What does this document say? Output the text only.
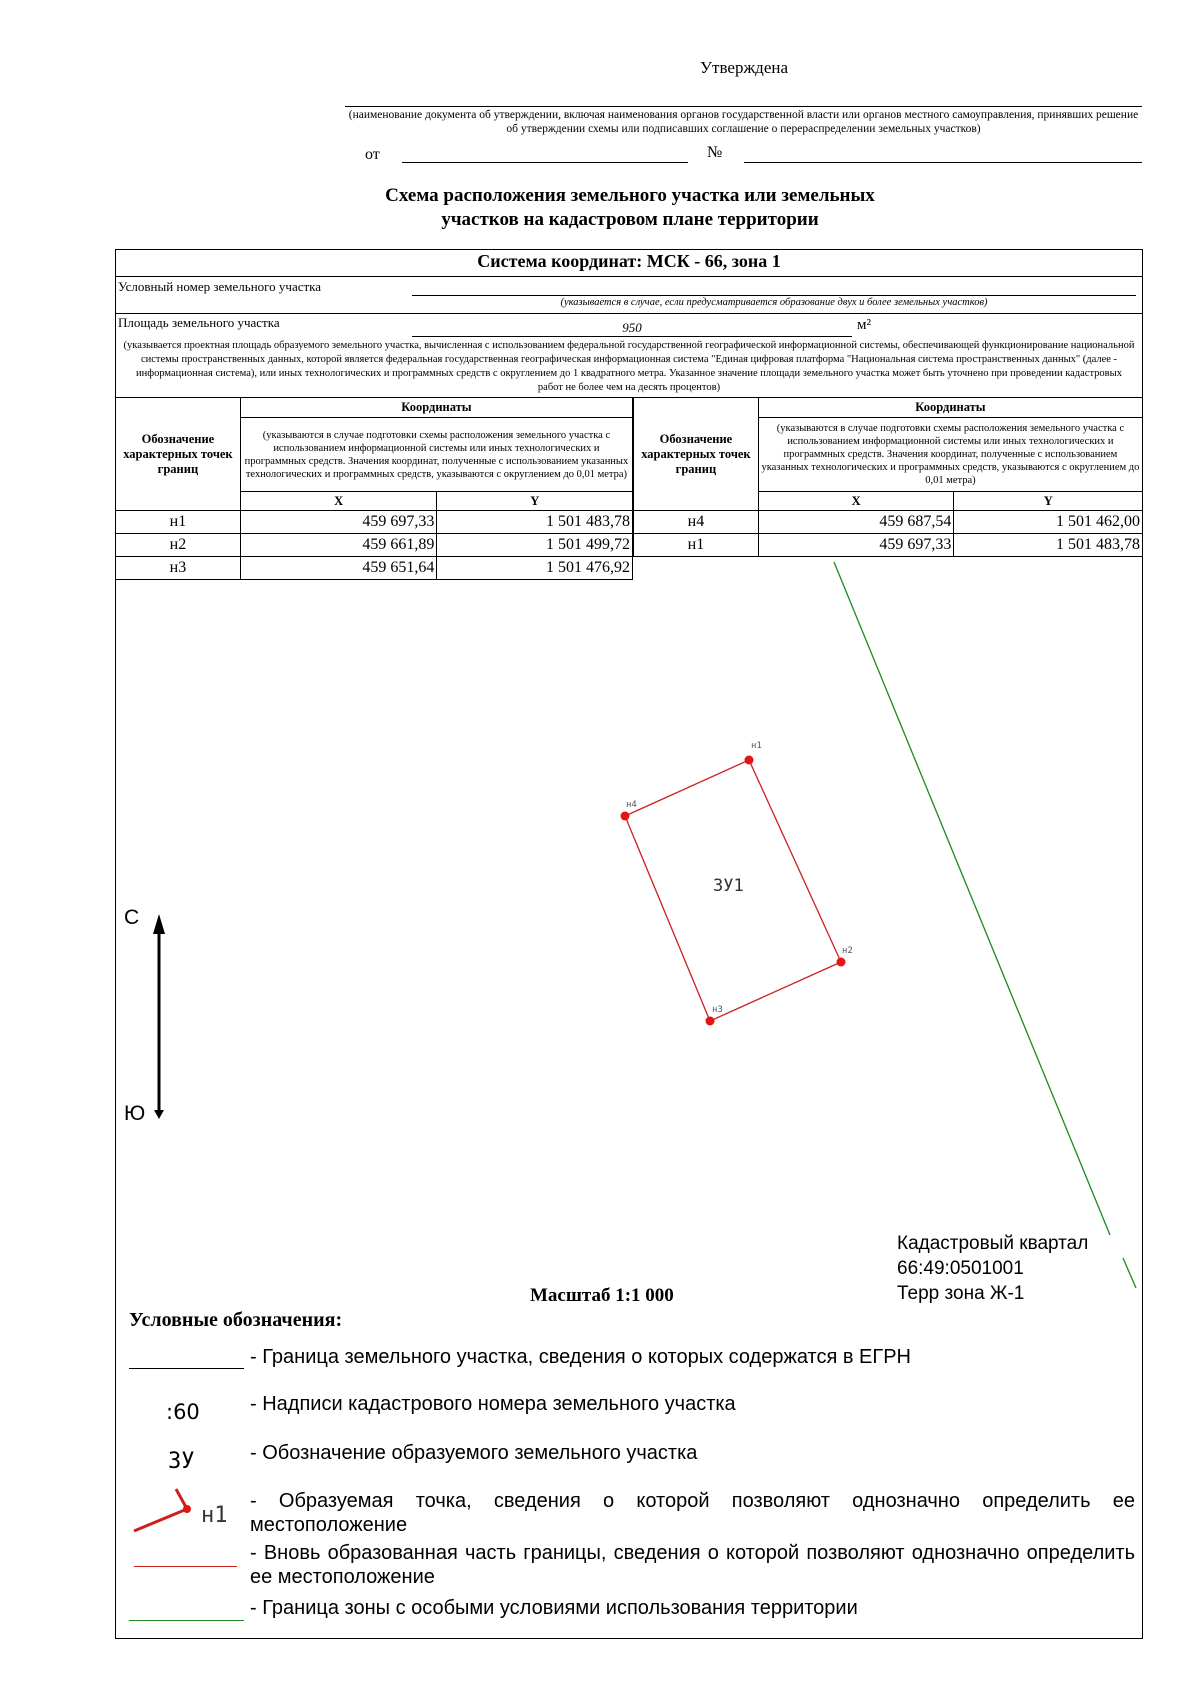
Утверждена
(наименование документа об утверждении, включая наименования органов государственной власти или органов местного самоуправления, принявших решение об утверждении схемы или подписавших соглашение о перераспределении земельных участков)
от	№
Схема расположения земельного участка или земельных
участков на кадастровом плане территории
Система координат: МСК - 66, зона 1
Условный номер земельного участка
(указывается в случае, если предусматривается образование двух и более земельных участков)
Площадь земельного участка	950	м²
(указывается проектная площадь образуемого земельного участка, вычисленная с использованием федеральной государственной географической информационной системы, обеспечивающей функционирование национальной системы пространственных данных, которой является федеральная государственная географическая информационная система "Единая цифровая платформа "Национальная система пространственных данных" (далее - информационная система), или иных технологических и программных средств с округлением до 1 квадратного метра. Указанное значение площади земельного участка может быть уточнено при проведении кадастровых работ не более чем на десять процентов)
Обозначение характерных точек границ	Координаты	
	(указываются в случае подготовки схемы расположения земельного участка с использованием информационной системы или иных технологических и программных средств. Значения координат, полученные с использованием указанных технологических и программных средств, указываются с округлением до 0,01 метра)	
	X	Y
н1	459 697,33	1 501 483,78
н2	459 661,89	1 501 499,72
н3	459 651,64	1 501 476,92
Обозначение характерных точек границ	Координаты	
	(указываются в случае подготовки схемы расположения земельного участка с использованием информационной системы или иных технологических и программных средств. Значения координат, полученные с использованием указанных технологических и программных средств, указываются с округлением до 0,01 метра)	
	X	Y
н4	459 687,54	1 501 462,00
н1	459 697,33	1 501 483,78
н1
н2
н3
н4
ЗУ1
С
Ю
Кадастровый квартал
66:49:0501001
Терр зона Ж-1
Масштаб 1:1 000
Условные обозначения:
- Граница земельного участка, сведения о которых содержатся в ЕГРН
:60	- Надписи кадастрового номера земельного участка
ЗУ	- Обозначение образуемого земельного участка
н1
- Образуемая точка, сведения о которой позволяют однозначно определить ее местоположение
- Вновь образованная часть границы, сведения о которой позволяют однозначно определить ее местоположение
- Граница зоны с особыми условиями использования территории
